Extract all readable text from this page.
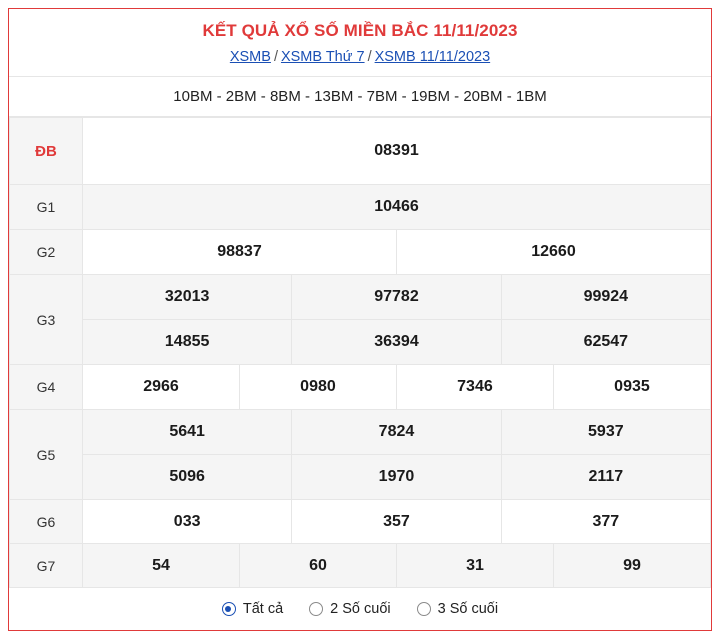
KẾT QUẢ XỔ SỐ MIỀN BẮC 11/11/2023
XSMB / XSMB Thứ 7 / XSMB 11/11/2023
10BM - 2BM - 8BM - 13BM - 7BM - 19BM - 20BM - 1BM
ĐB	08391					
G1	10466					
G2	98837			12660		
G3	32013		97782		99924	
	14855		36394		62547	
G4	2966	0980		7346		0935
G5	5641		7824		5937	
	5096		1970		2117	
G6	033		357		377	
G7	54	60		31		99
Tất cả	2 Số cuối	3 Số cuối
